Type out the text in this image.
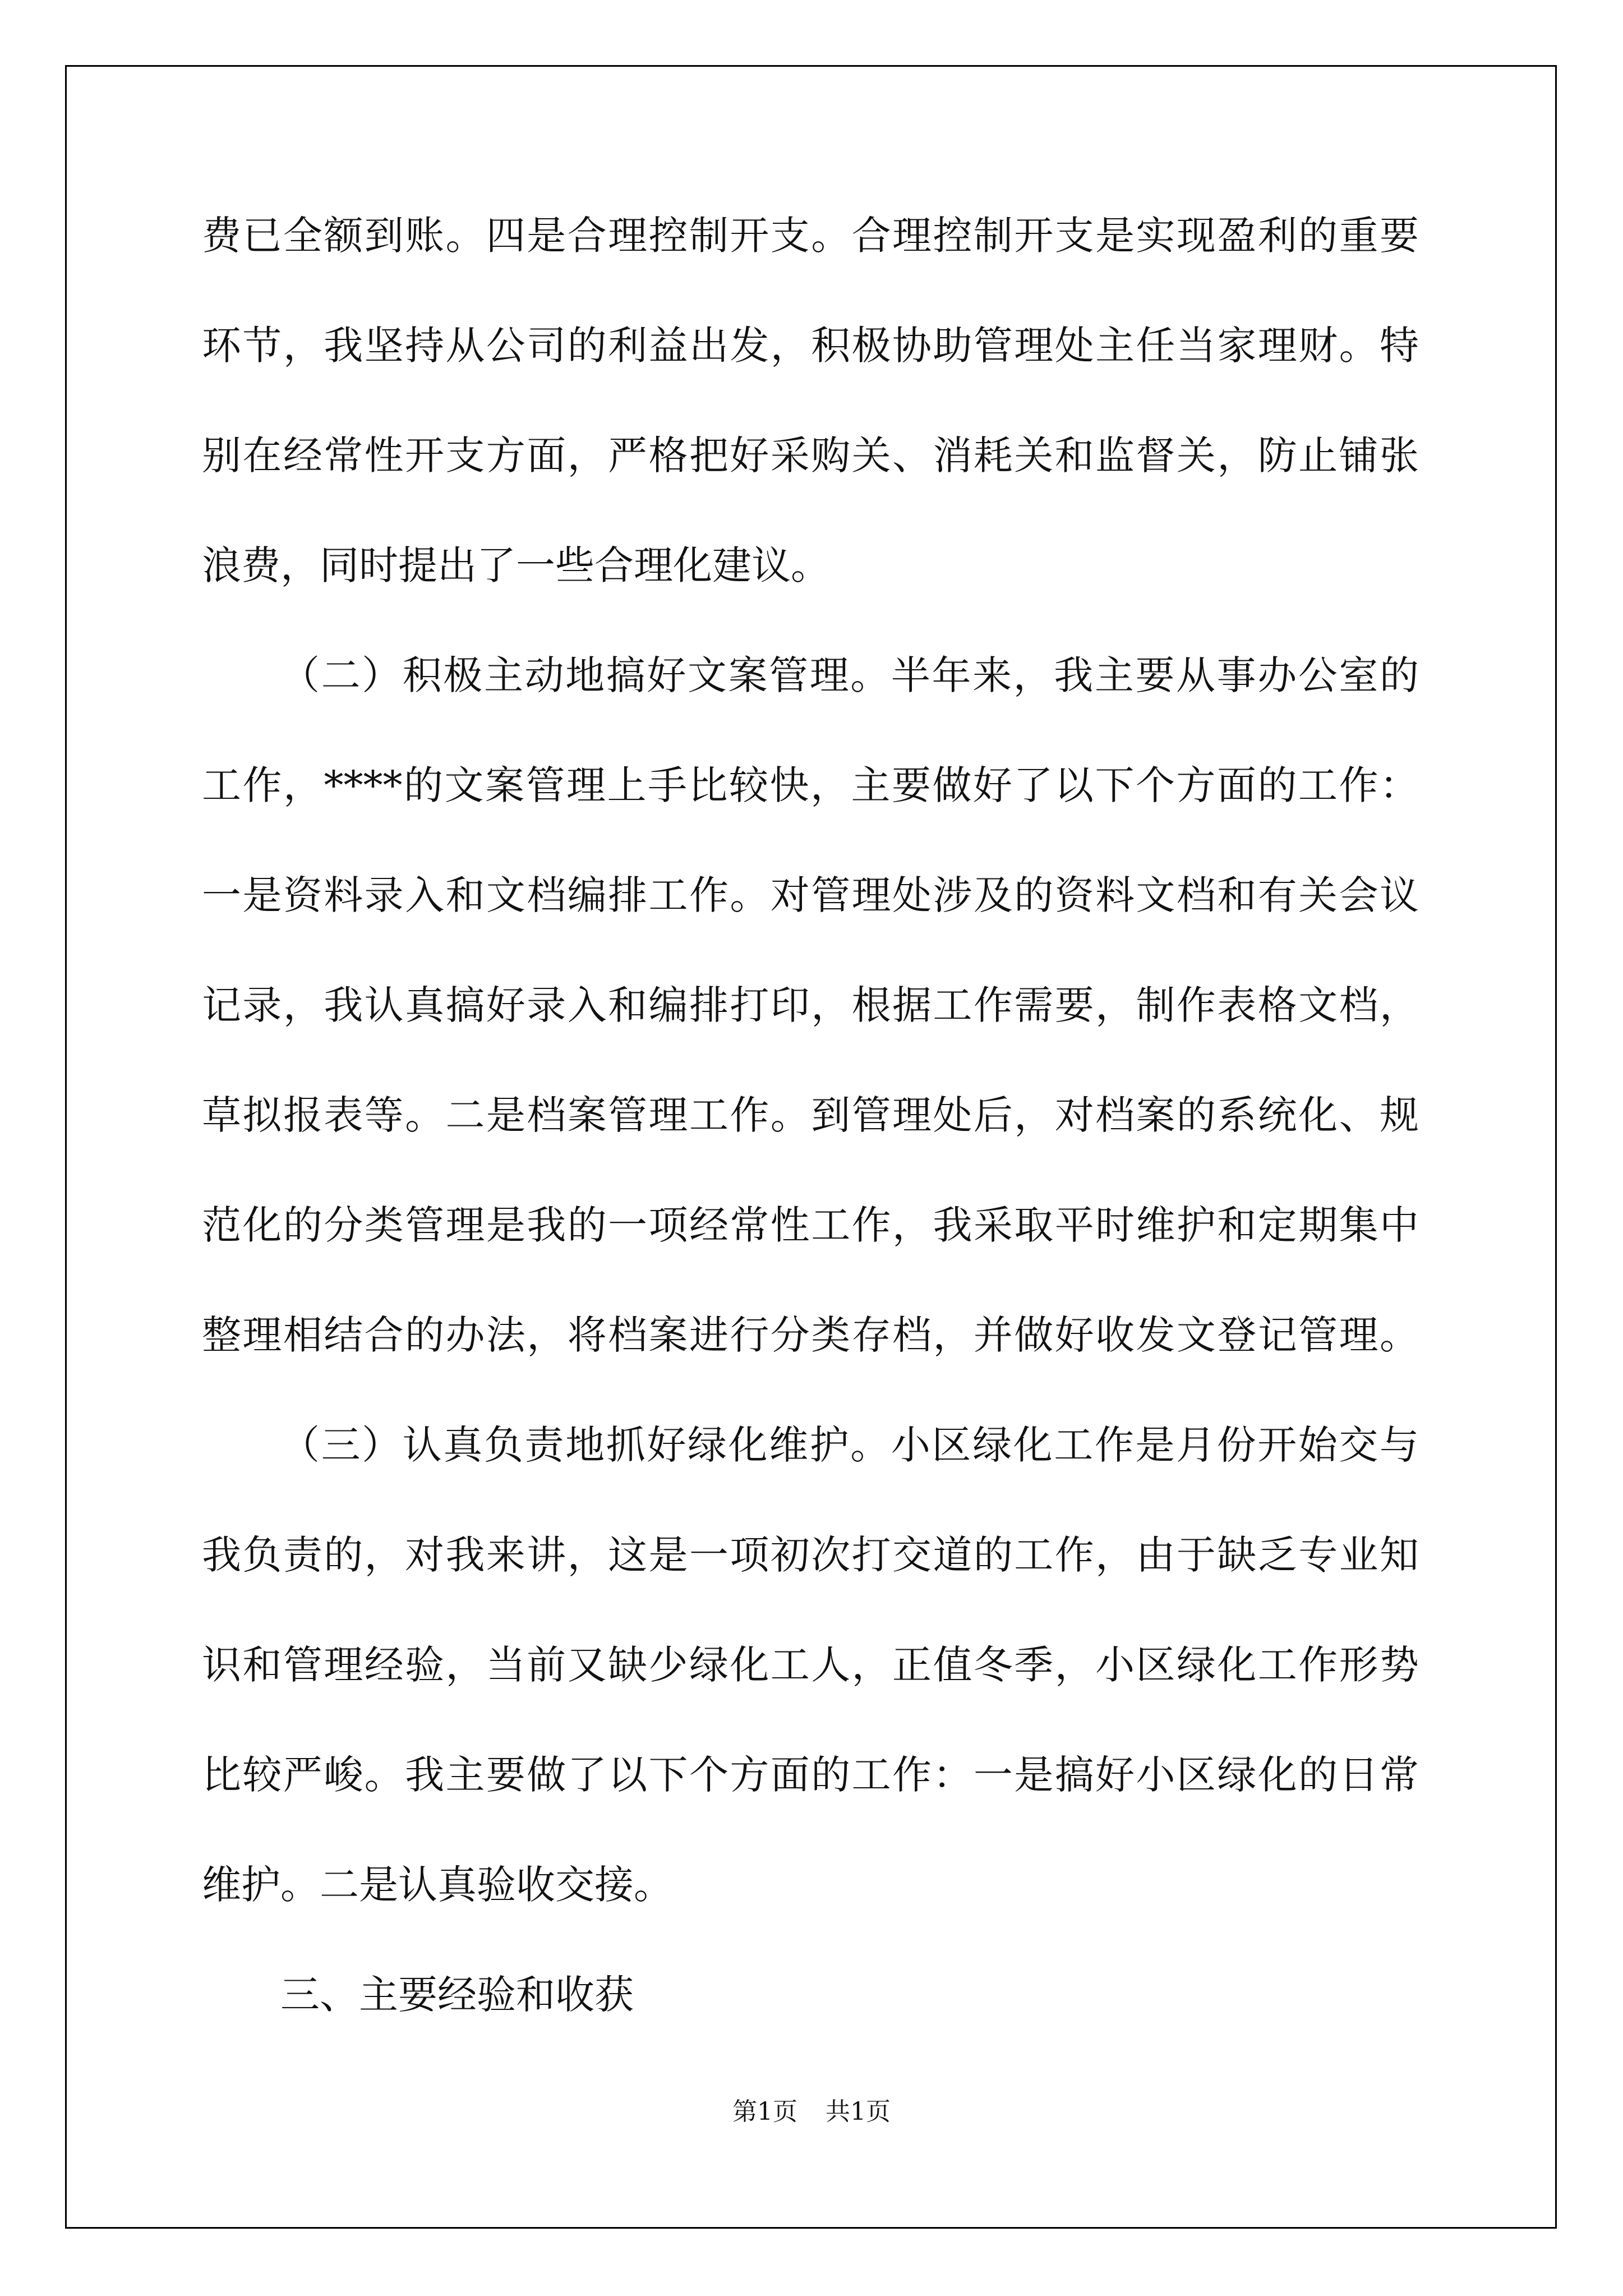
费已全额到账。四是合理控制开支。合理控制开支是实现盈利的重要
环节，我坚持从公司的利益出发，积极协助管理处主任当家理财。特
别在经常性开支方面，严格把好采购关、消耗关和监督关，防止铺张
浪费，同时提出了一些合理化建议。
（二）积极主动地搞好文案管理。半年来，我主要从事办公室的
工作，****的文案管理上手比较快，主要做好了以下个方面的工作：
一是资料录入和文档编排工作。对管理处涉及的资料文档和有关会议
记录，我认真搞好录入和编排打印，根据工作需要，制作表格文档，
草拟报表等。二是档案管理工作。到管理处后，对档案的系统化、规
范化的分类管理是我的一项经常性工作，我采取平时维护和定期集中
整理相结合的办法，将档案进行分类存档，并做好收发文登记管理。
（三）认真负责地抓好绿化维护。小区绿化工作是月份开始交与
我负责的，对我来讲，这是一项初次打交道的工作，由于缺乏专业知
识和管理经验，当前又缺少绿化工人，正值冬季，小区绿化工作形势
比较严峻。我主要做了以下个方面的工作：一是搞好小区绿化的日常
维护。二是认真验收交接。
三、主要经验和收获
第1页 共1页
